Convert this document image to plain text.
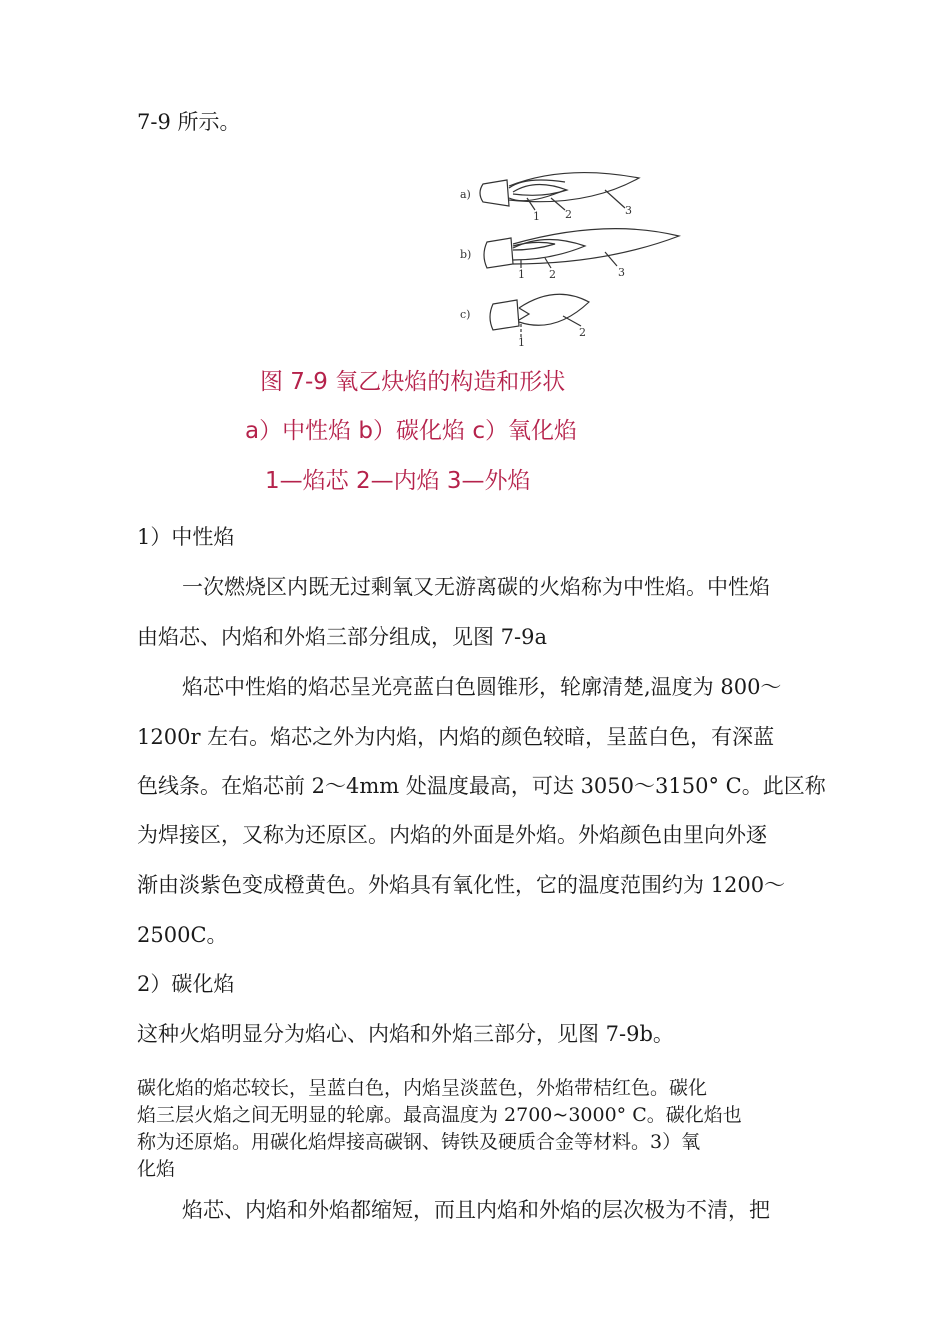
7-9 所示。
a)
1 2	3
b)
1 2	3
c)
1
2
图 7-9 氧乙炔焰的构造和形状
a）中性焰 b）碳化焰 c）氧化焰
1—焰芯 2—内焰 3—外焰
1）中性焰
一次燃烧区内既无过剩氧又无游离碳的火焰称为中性焰。中性焰
由焰芯、内焰和外焰三部分组成，见图 7-9a
焰芯中性焰的焰芯呈光亮蓝白色圆锥形，轮廓清楚,温度为 800〜
1200r 左右。焰芯之外为内焰，内焰的颜色较暗，呈蓝白色，有深蓝
色线条。在焰芯前 2〜4mm 处温度最高，可达 3050〜3150° C。此区称
为焊接区，又称为还原区。内焰的外面是外焰。外焰颜色由里向外逐
渐由淡紫色变成橙黄色。外焰具有氧化性，它的温度范围约为 1200〜
2500C。
2）碳化焰
这种火焰明显分为焰心、内焰和外焰三部分，见图 7-9b。
碳化焰的焰芯较长，呈蓝白色，内焰呈淡蓝色，外焰带桔红色。碳化
焰三层火焰之间无明显的轮廓。最高温度为 2700~3000° C。碳化焰也
称为还原焰。用碳化焰焊接高碳钢、铸铁及硬质合金等材料。3）氧
化焰
焰芯、内焰和外焰都缩短，而且内焰和外焰的层次极为不清，把
